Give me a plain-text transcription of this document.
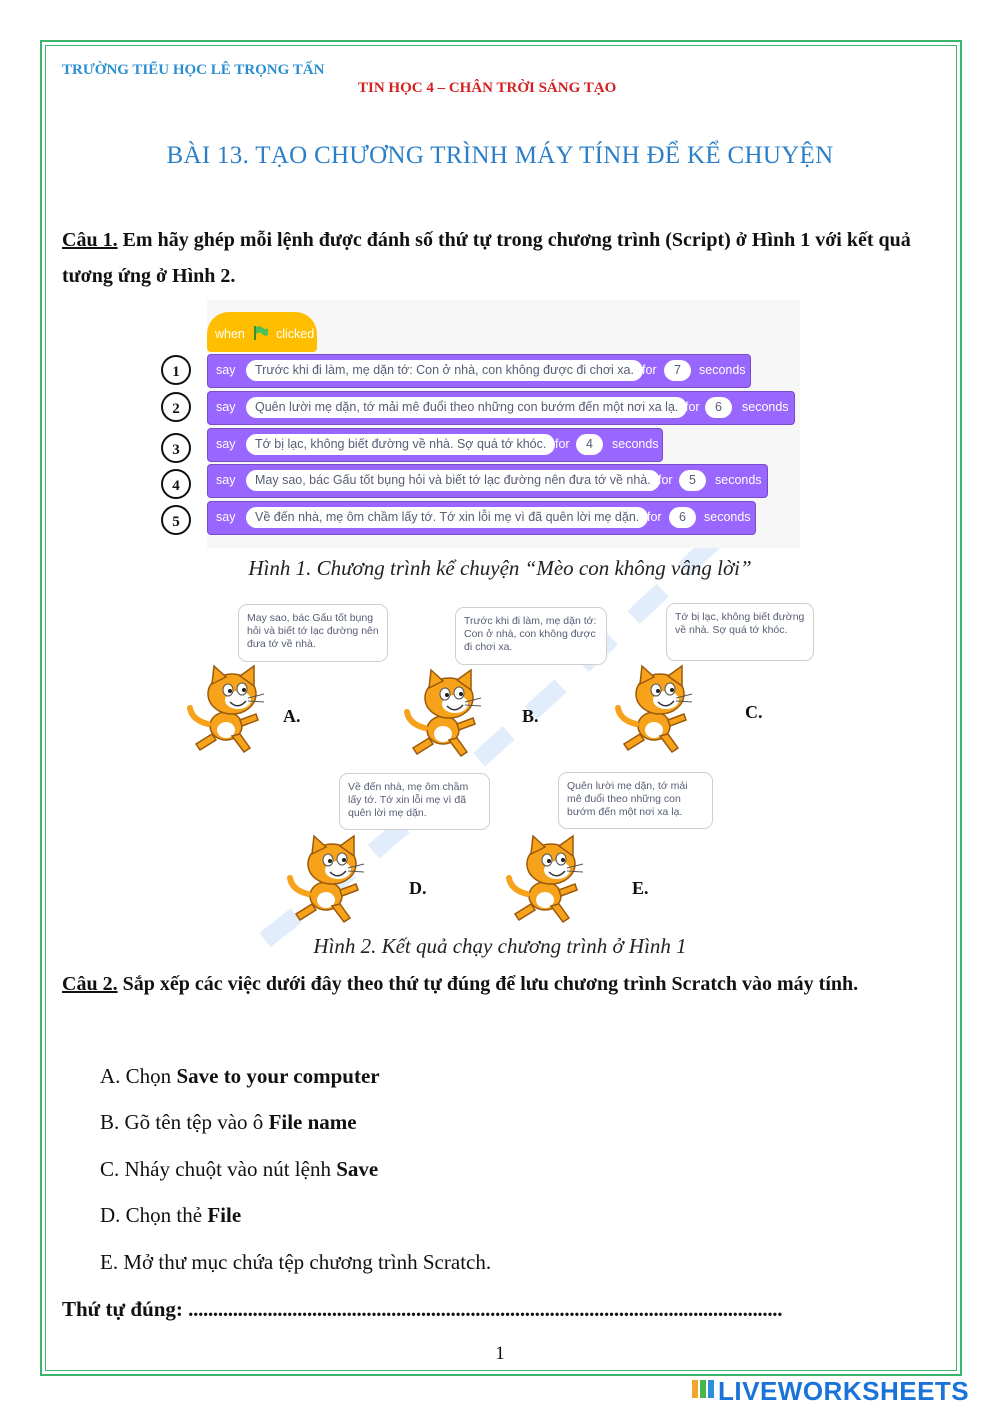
TRƯỜNG TIỂU HỌC LÊ TRỌNG TẤN
TIN HỌC 4 – CHÂN TRỜI SÁNG TẠO
BÀI 13. TẠO CHƯƠNG TRÌNH MÁY TÍNH ĐỂ KỂ CHUYỆN
Câu 1. Em hãy ghép mỗi lệnh được đánh số thứ tự trong chương trình (Script) ở Hình 1 với kết quả tương ứng ở Hình 2.
when clicked
1	say	Trước khi đi làm, mẹ dặn tớ: Con ở nhà, con không được đi chơi xa. for	7	seconds
2	say	Quên lười mẹ dặn, tớ mải mê đuổi theo những con bướm đến một nơi xa lạ. for	6	seconds
3	say	Tớ bị lạc, không biết đường về nhà. Sợ quá tớ khóc. for	4	seconds
4	say	May sao, bác Gấu tốt bụng hỏi và biết tớ lạc đường nên đưa tớ về nhà. for	5	seconds
5	say	Về đến nhà, mẹ ôm chầm lấy tớ. Tớ xin lỗi mẹ vì đã quên lời mẹ dặn. for	6	seconds
Hình 1. Chương trình kể chuyện “Mèo con không vâng lời”
May sao, bác Gấu tốt bụng hỏi và biết tớ lạc đường nên đưa tớ về nhà.
A.
Trước khi đi làm, mẹ dặn tớ: Con ở nhà, con không được đi chơi xa.
B.
Tớ bị lạc, không biết đường về nhà. Sợ quá tớ khóc.
C.
Về đến nhà, mẹ ôm chầm lấy tớ. Tớ xin lỗi mẹ vì đã quên lời mẹ dặn.
D.
Quên lười mẹ dặn, tớ mải mê đuổi theo những con bướm đến một nơi xa lạ.
E.
Hình 2. Kết quả chạy chương trình ở Hình 1
Câu 2. Sắp xếp các việc dưới đây theo thứ tự đúng để lưu chương trình Scratch vào máy tính.
A. Chọn Save to your computer
B. Gõ tên tệp vào ô File name
C. Nháy chuột vào nút lệnh Save
D. Chọn thẻ File
E. Mở thư mục chứa tệp chương trình Scratch.
Thứ tự đúng: ........................................................................................................................
1
LIVEWORKSHEETS
